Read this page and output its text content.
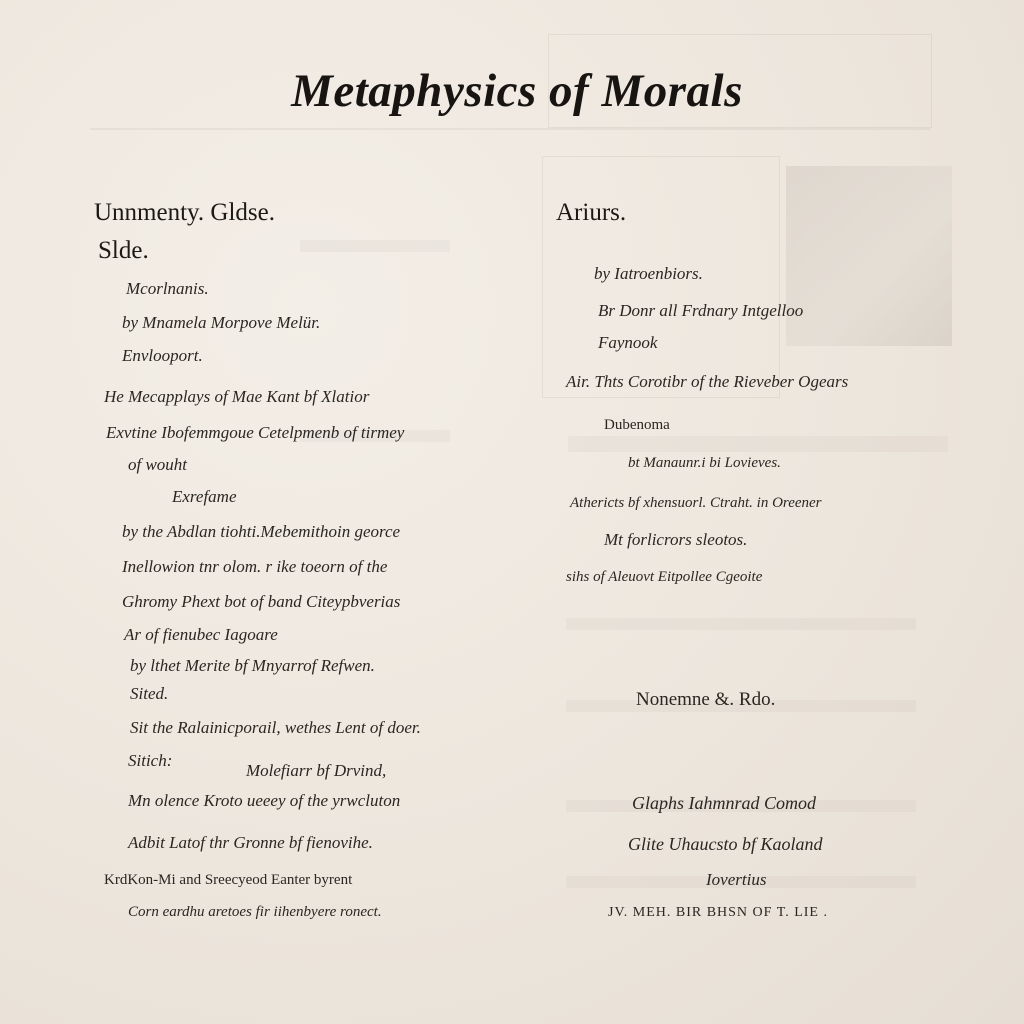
Metaphysics of Morals
Unnmenty. Gldse.
Slde.
Mcorlnanis.
by Mnamela Morpove Melür.
Envlooport.
He Mecapplays of Mae Kant bf Xlatior
Exvtine Ibofemmgoue Cetelpmenb of tirmey
of wouht
Exrefame
by the Abdlan tiohti.Mebemithoin georce
Inellowion tnr olom. r ike toeorn of the
Ghromy Phext bot of band Citeypbverias
Ar of fienubec Iagoare
by lthet Merite bf Mnyarrof Refwen.
Sited.
Sit the Ralainicporail, wethes Lent of doer.
Sitich:
Molefiarr bf Drvind,
Mn olence Kroto ueeey of the yrwcluton
Adbit Latof thr Gronne bf fienovihe.
KrdKon-Mi and Sreecyeod Eanter byrent
Corn eardhu aretoes fir iihenbyere ronect.
Ariurs.
by Iatroenbiors.
Br Donr all Frdnary Intgelloo
Faynook
Air. Thts Corotibr of the Rieveber Ogears
Dubenoma
bt Manaunr.i bi Lovieves.
Athericts bf xhensuorl. Ctraht. in Oreener
Mt forlicrors sleotos.
sihs of Aleuovt Eitpollee Cgeoite
Nonemne &. Rdo.
Glaphs Iahmnrad Comod
Glite Uhaucsto bf Kaoland
Iovertius
JV. MEH. BIR BHSN OF T. LIE .
